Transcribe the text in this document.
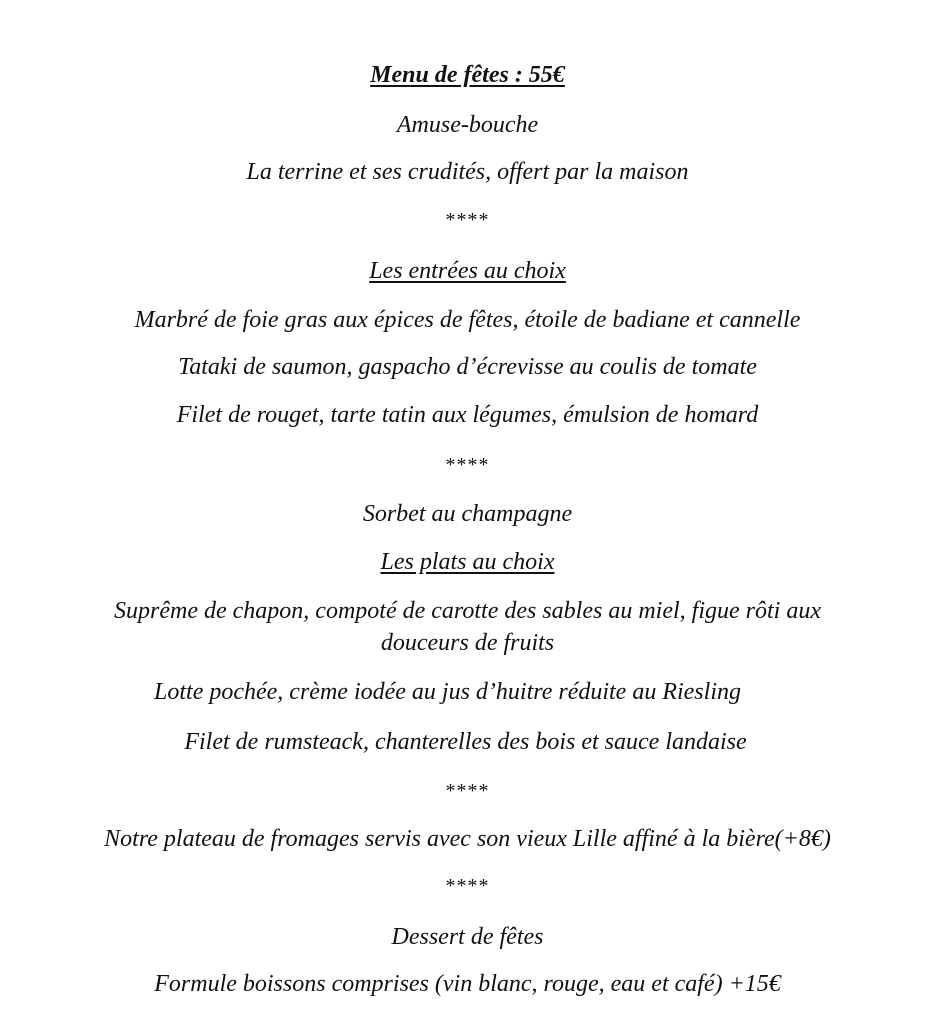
Menu de fêtes : 55€
Amuse-bouche
La terrine et ses crudités, offert par la maison
****
Les entrées au choix
Marbré de foie gras aux épices de fêtes, étoile de badiane et cannelle
Tataki de saumon, gaspacho d’écrevisse au coulis de tomate
Filet de rouget, tarte tatin aux légumes, émulsion de homard
****
Sorbet au champagne
Les plats au choix
Suprême de chapon, compoté de carotte des sables au miel, figue rôti aux
douceurs de fruits
Lotte pochée, crème iodée au jus d’huitre réduite au Riesling
Filet de rumsteack, chanterelles des bois et sauce landaise
****
Notre plateau de fromages servis avec son vieux Lille affiné à la bière(+8€)
****
Dessert de fêtes
Formule boissons comprises (vin blanc, rouge, eau et café) +15€
